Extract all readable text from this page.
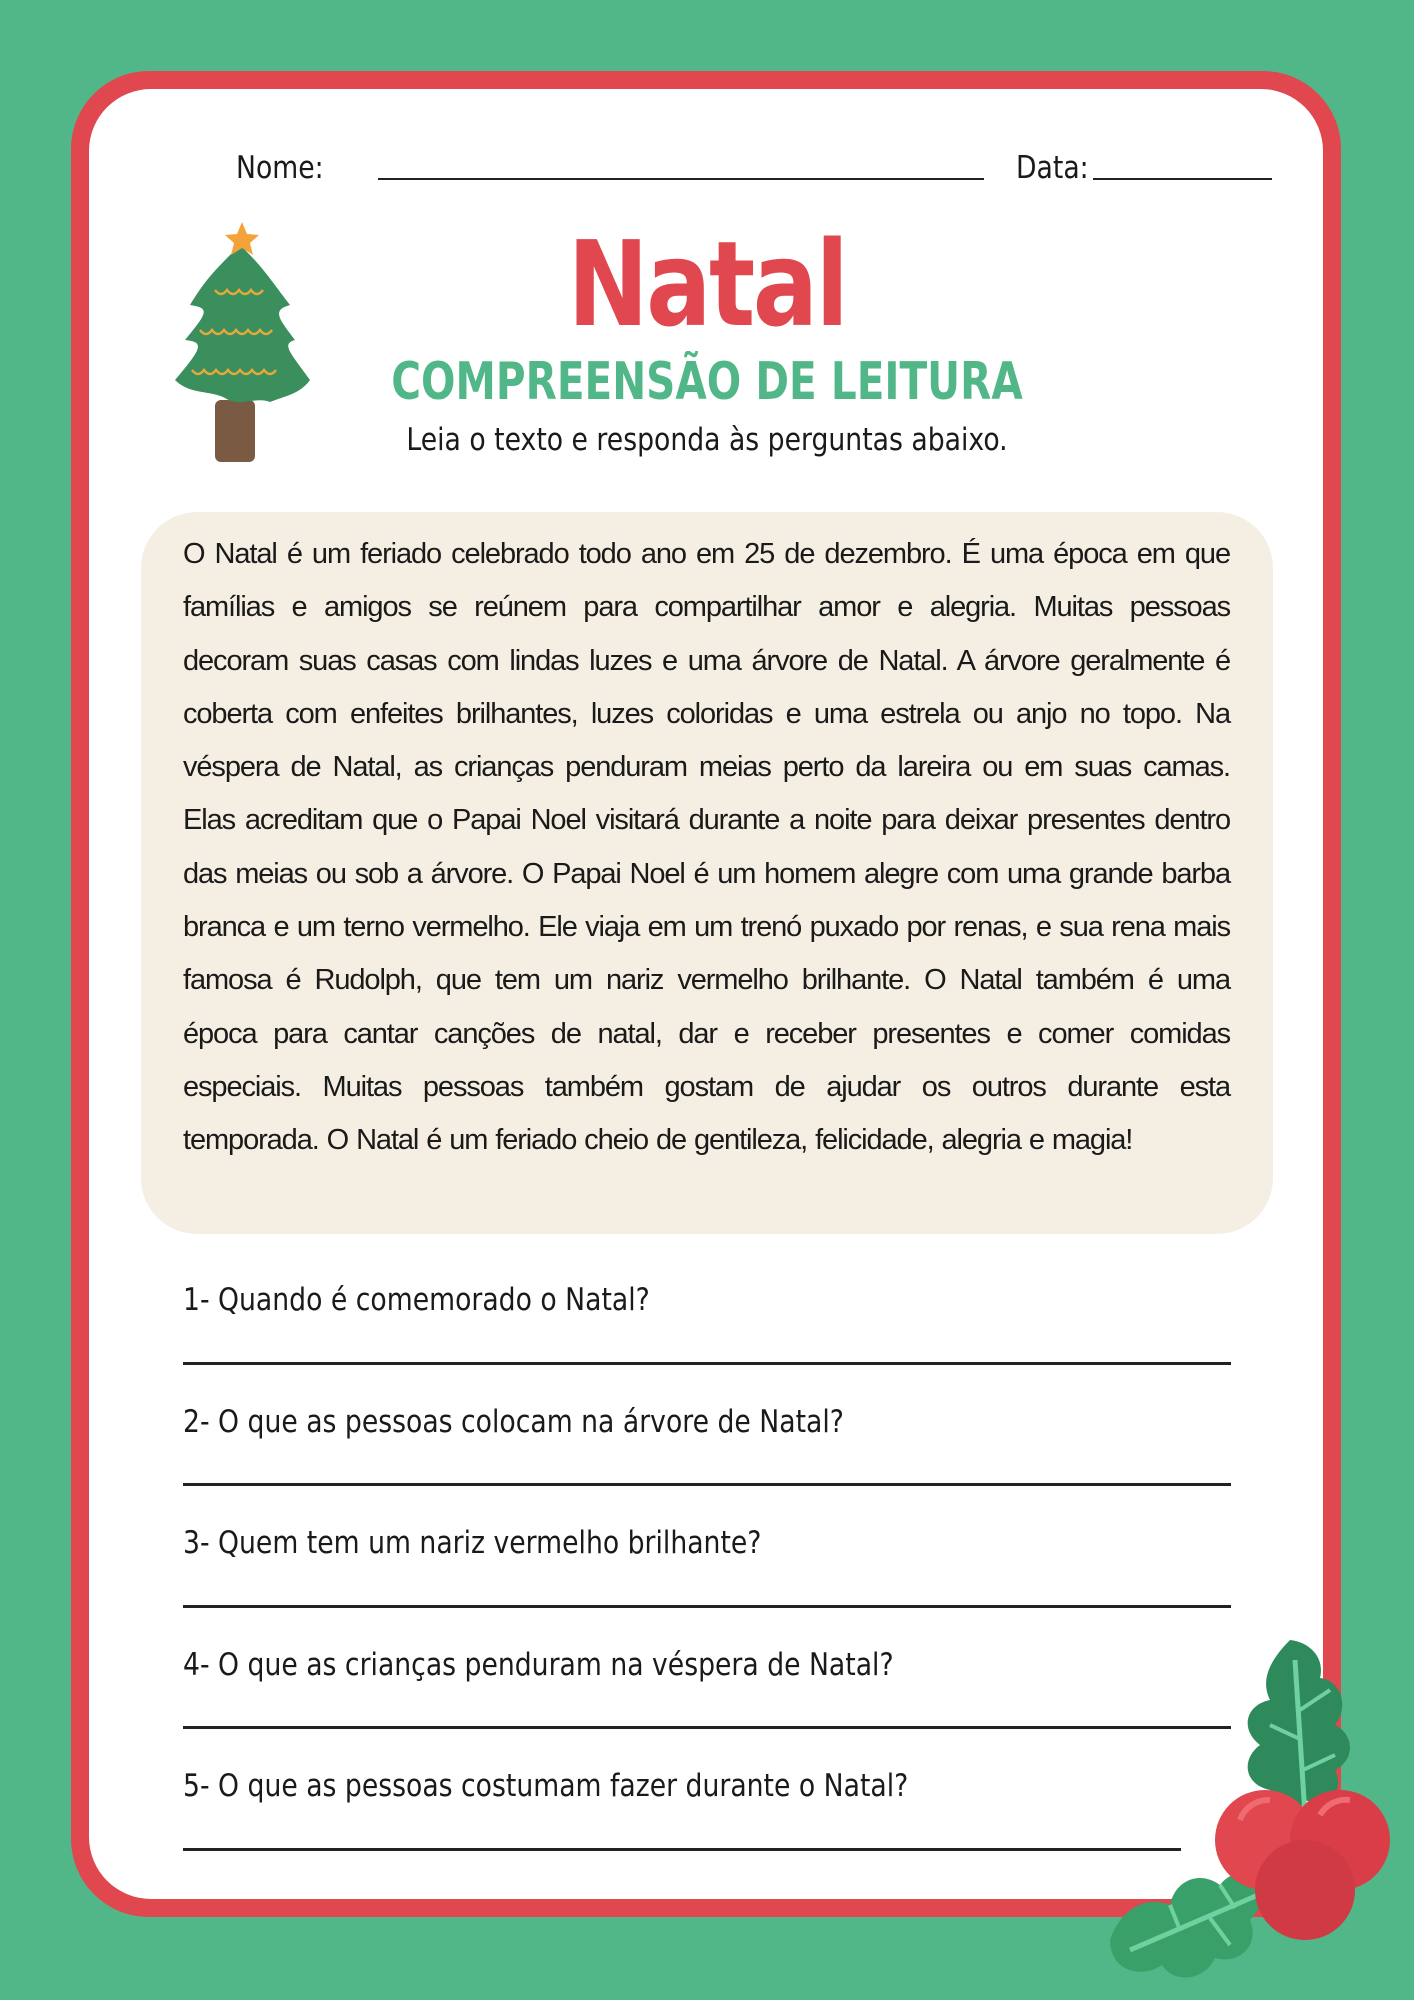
Nome:	Data:
Natal
COMPREENSÃO DE LEITURA
Leia o texto e responda às perguntas abaixo.
O Natal é um feriado celebrado todo ano em 25 de dezembro. É uma época em que famílias e amigos se reúnem para compartilhar amor e alegria. Muitas pessoas decoram suas casas com lindas luzes e uma árvore de Natal. A árvore geralmente é coberta com enfeites brilhantes, luzes coloridas e uma estrela ou anjo no topo. Na véspera de Natal, as crianças penduram meias perto da lareira ou em suas camas. Elas acreditam que o Papai Noel visitará durante a noite para deixar presentes dentro das meias ou sob a árvore. O Papai Noel é um homem alegre com uma grande barba branca e um terno vermelho. Ele viaja em um trenó puxado por renas, e sua rena mais famosa é Rudolph, que tem um nariz vermelho brilhante. O Natal também é uma época para cantar canções de natal, dar e receber presentes e comer comidas especiais. Muitas pessoas também gostam de ajudar os outros durante esta temporada. O Natal é um feriado cheio de gentileza, felicidade, alegria e magia!
1- Quando é comemorado o Natal?
2- O que as pessoas colocam na árvore de Natal?
3- Quem tem um nariz vermelho brilhante?
4- O que as crianças penduram na véspera de Natal?
5- O que as pessoas costumam fazer durante o Natal?
